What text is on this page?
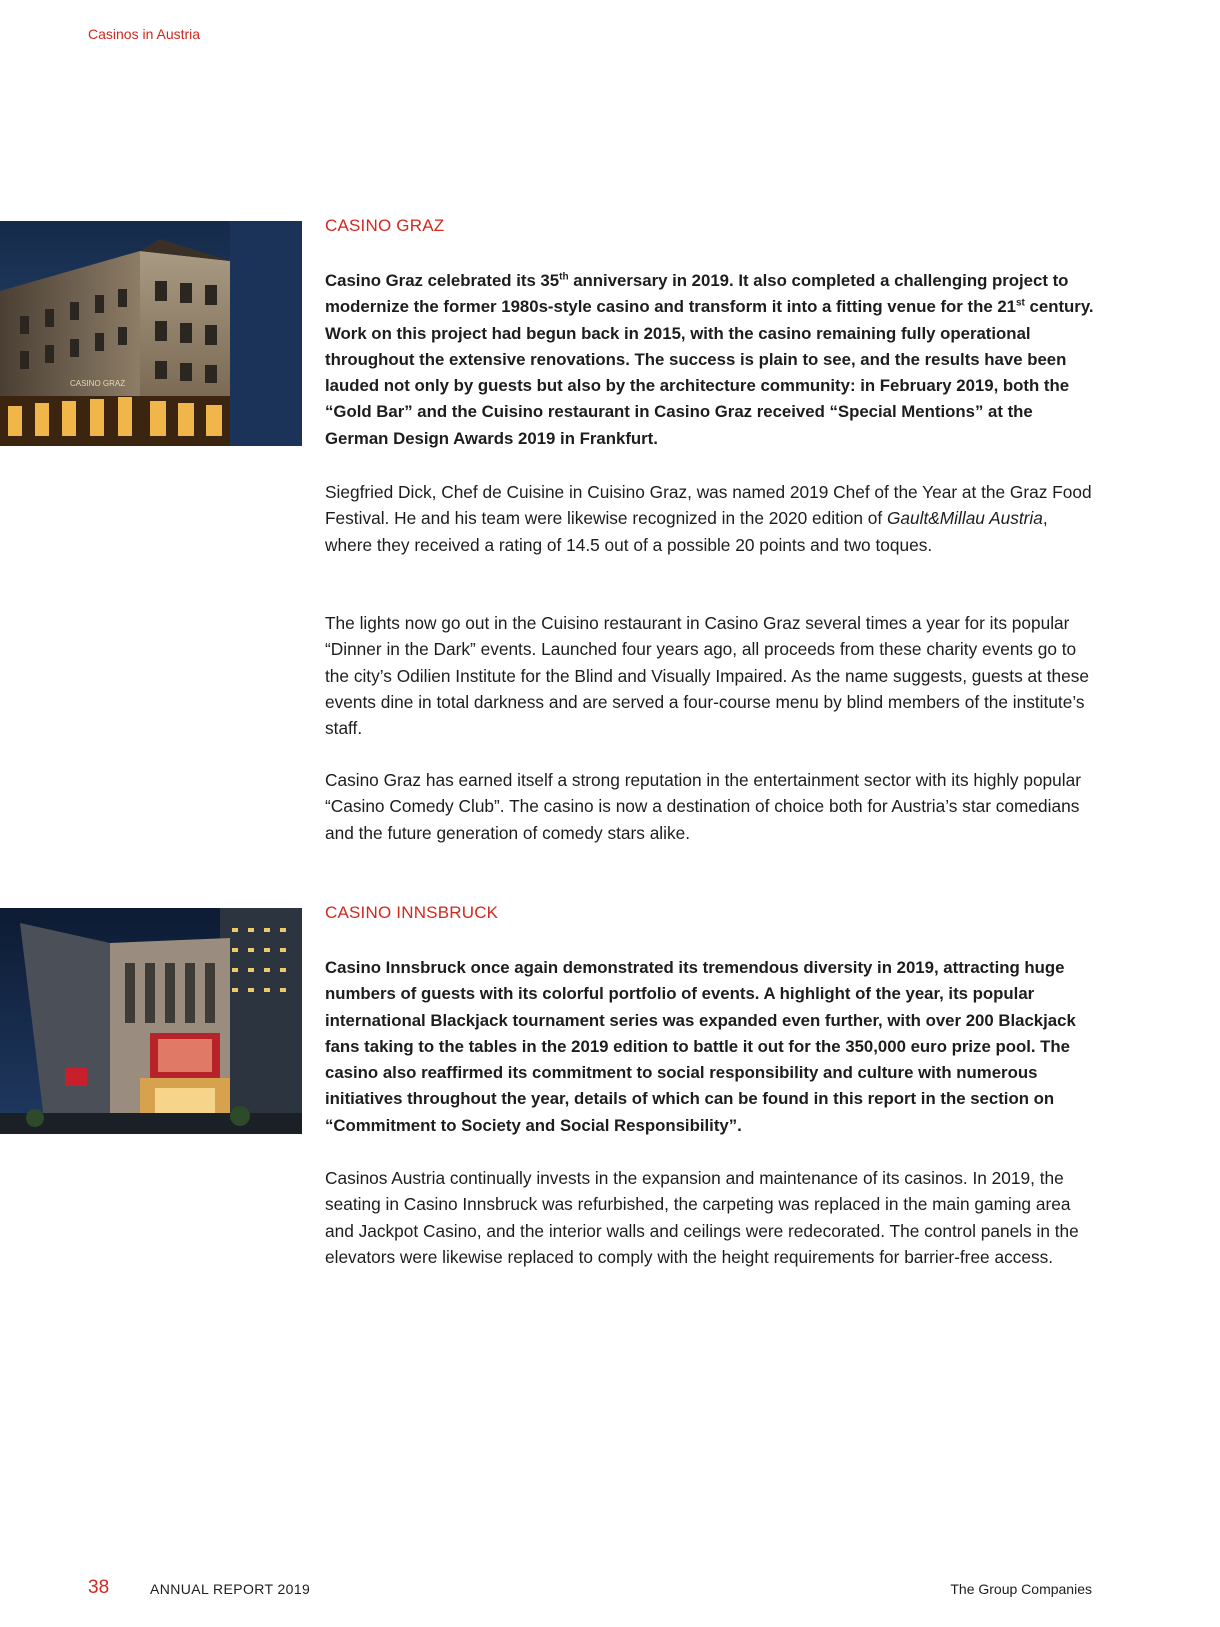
Casinos in Austria
CASINO GRAZ
CASINO GRAZ

Casino Graz celebrated its 35th anniversary in 2019. It also completed a challenging project to modernize the former 1980s-style casino and transform it into a fitting venue for the 21st century. Work on this project had begun back in 2015, with the casino remaining fully operational throughout the extensive renovations. The success is plain to see, and the results have been lauded not only by guests but also by the architecture community: in February 2019, both the “Gold Bar” and the Cuisino restaurant in Casino Graz received “Special Mentions” at the German Design Awards 2019 in Frankfurt.

Siegfried Dick, Chef de Cuisine in Cuisino Graz, was named 2019 Chef of the Year at the Graz Food Festival. He and his team were likewise recognized in the 2020 edition of Gault&Millau Austria, where they received a rating of 14.5 out of a possible 20 points and two toques.

The lights now go out in the Cuisino restaurant in Casino Graz several times a year for its popular “Dinner in the Dark” events. Launched four years ago, all proceeds from these charity events go to the city’s Odilien Institute for the Blind and Visually Impaired. As the name suggests, guests at these events dine in total darkness and are served a four-course menu by blind members of the institute’s staff.

Casino Graz has earned itself a strong reputation in the entertainment sector with its highly popular “Casino Comedy Club”. The casino is now a destination of choice both for Austria’s star comedians and the future generation of comedy stars alike.

CASINO INNSBRUCK

Casino Innsbruck once again demonstrated its tremendous diversity in 2019, attracting huge numbers of guests with its colorful portfolio of events. A highlight of the year, its popular international Blackjack tournament series was expanded even further, with over 200 Blackjack fans taking to the tables in the 2019 edition to battle it out for the 350,000 euro prize pool. The casino also reaffirmed its commitment to social responsibility and culture with numerous initiatives throughout the year, details of which can be found in this report in the section on “Commitment to Society and Social Responsibility”.

Casinos Austria continually invests in the expansion and maintenance of its casinos. In 2019, the seating in Casino Innsbruck was refurbished, the carpeting was replaced in the main gaming area and Jackpot Casino, and the interior walls and ceilings were redecorated. The control panels in the elevators were likewise replaced to comply with the height requirements for barrier-free access.

38	ANNUAL REPORT 2019	The Group Companies
